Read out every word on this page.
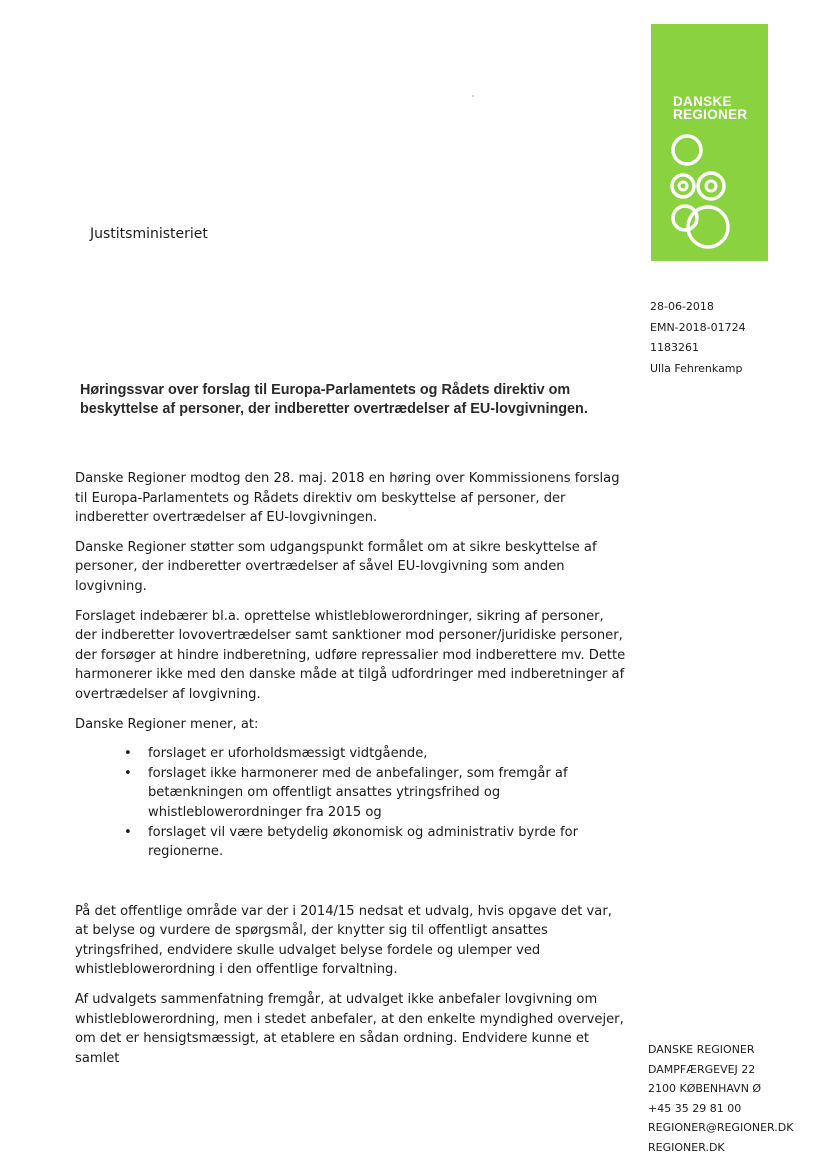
DANSKE
REGIONER

Justitsministeriet

28-06-2018
EMN-2018-01724
1183261
Ulla Fehrenkamp
Høringssvar over forslag til Europa-Parlamentets og Rådets direktiv om beskyttelse af personer, der indberetter overtrædelser af EU-lovgivningen.

Danske Regioner modtog den 28. maj. 2018 en høring over Kommissionens forslag til Europa-Parlamentets og Rådets direktiv om beskyttelse af personer, der indberetter overtrædelser af EU-lovgivningen.

Danske Regioner støtter som udgangspunkt formålet om at sikre beskyttelse af personer, der indberetter overtrædelser af såvel EU-lovgivning som anden lovgivning.

Forslaget indebærer bl.a. oprettelse whistleblowerordninger, sikring af personer, der indberetter lovovertrædelser samt sanktioner mod personer/juridiske personer, der forsøger at hindre indberetning, udføre repressalier mod indberettere mv. Dette harmonerer ikke med den danske måde at tilgå udfordringer med indberetninger af overtrædelser af lovgivning.

Danske Regioner mener, at:

• forslaget er uforholdsmæssigt vidtgående,
• forslaget ikke harmonerer med de anbefalinger, som fremgår af betænkningen om offentligt ansattes ytringsfrihed og whistleblowerordninger fra 2015 og
• forslaget vil være betydelig økonomisk og administrativ byrde for regionerne.

På det offentlige område var der i 2014/15 nedsat et udvalg, hvis opgave det var, at belyse og vurdere de spørgsmål, der knytter sig til offentligt ansattes ytringsfrihed, endvidere skulle udvalget belyse fordele og ulemper ved whistleblowerordning i den offentlige forvaltning.

Af udvalgets sammenfatning fremgår, at udvalget ikke anbefaler lovgivning om whistleblowerordning, men i stedet anbefaler, at den enkelte myndighed overvejer, om det er hensigtsmæssigt, at etablere en sådan ordning. Endvidere kunne et samlet

DANSKE REGIONER
DAMPFÆRGEVEJ 22
2100 KØBENHAVN Ø
+45 35 29 81 00
REGIONER@REGIONER.DK
REGIONER.DK
